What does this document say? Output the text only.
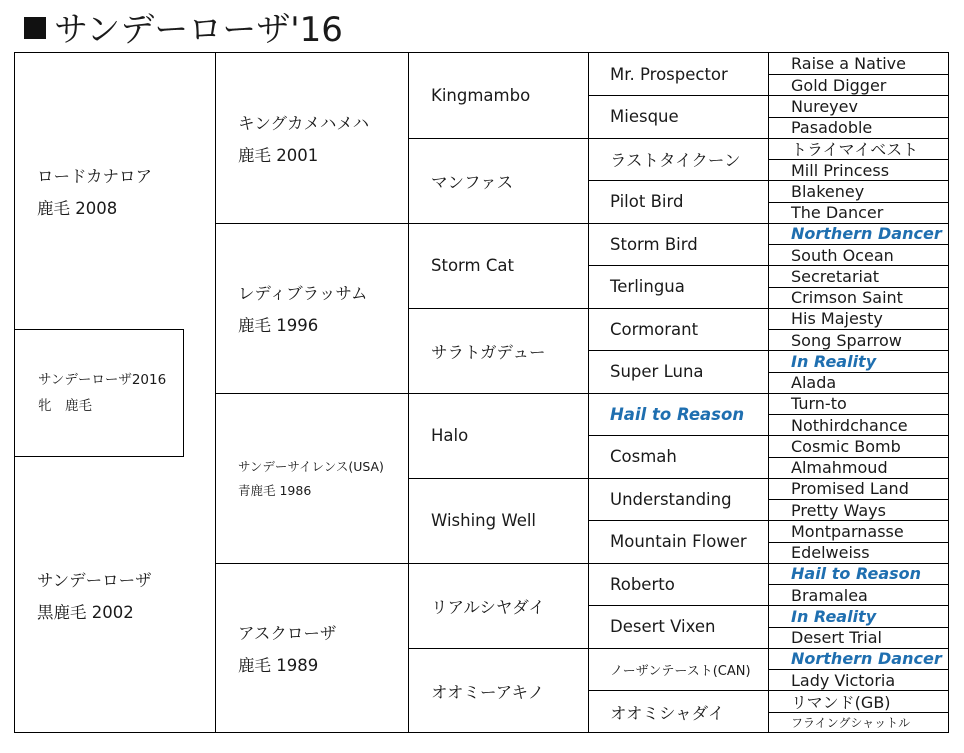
サンデーローザ'16
ロードカナロア
鹿毛 2008
サンデーローザ
黒鹿毛 2002
キングカメハメハ
鹿毛 2001
レディブラッサム
鹿毛 1996
サンデーサイレンス(USA)
青鹿毛 1986
アスクローザ
鹿毛 1989
Kingmambo
マンファス
Storm Cat
サラトガデュー
Halo
Wishing Well
リアルシヤダイ
オオミーアキノ
Mr. Prospector
Miesque
ラストタイクーン
Pilot Bird
Storm Bird
Terlingua
Cormorant
Super Luna
Hail to Reason
Cosmah
Understanding
Mountain Flower
Roberto
Desert Vixen
ノーザンテースト(CAN)
オオミシャダイ
Raise a Native
Gold Digger
Nureyev
Pasadoble
トライマイベスト
Mill Princess
Blakeney
The Dancer
Northern Dancer
South Ocean
Secretariat
Crimson Saint
His Majesty
Song Sparrow
In Reality
Alada
Turn-to
Nothirdchance
Cosmic Bomb
Almahmoud
Promised Land
Pretty Ways
Montparnasse
Edelweiss
Hail to Reason
Bramalea
In Reality
Desert Trial
Northern Dancer
Lady Victoria
リマンド(GB)
フライングシャットル
サンデーローザ2016
牝　鹿毛
